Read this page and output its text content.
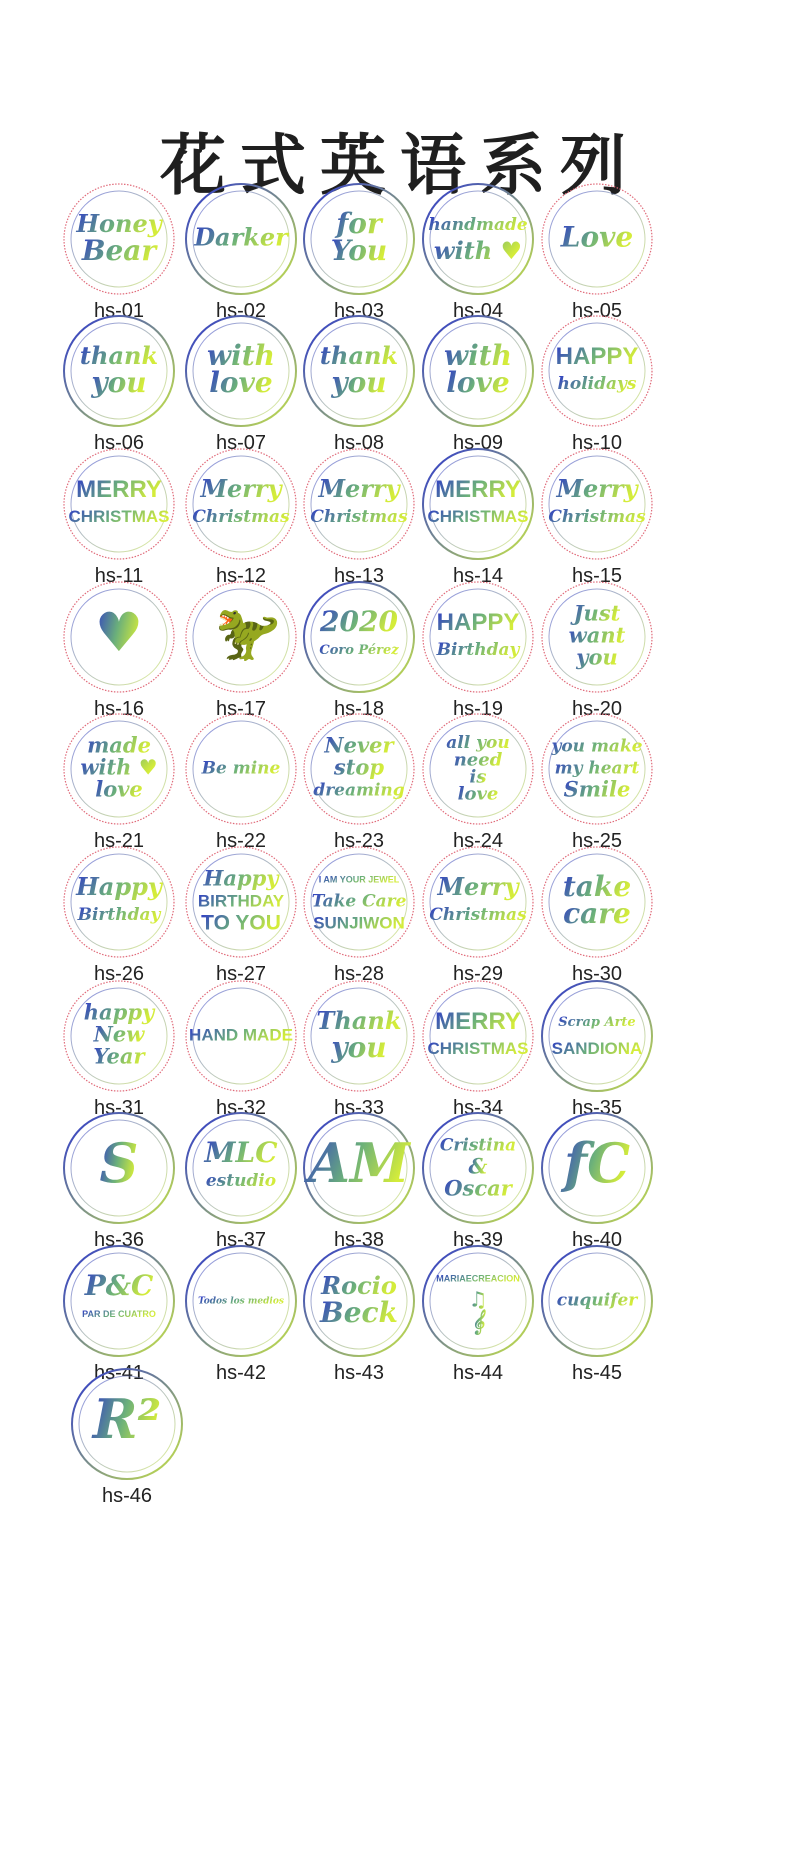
花式英语系列
Honey
Bear
hs-01
Darker
hs-02
for
You
hs-03
handmade
with ♥
hs-04
Love
hs-05
thank
you
hs-06
with
love
hs-07
thank
you
hs-08
with
love
hs-09
HAPPY
holidays
hs-10
MERRY
CHRISTMAS
hs-11
Merry
Christmas
hs-12
Merry
Christmas
hs-13
MERRY
CHRISTMAS
hs-14
Merry
Christmas
hs-15
♥
hs-16
🦖
hs-17
2020
Coro Pérez
hs-18
HAPPY
Birthday
hs-19
Just
want
you
hs-20
made
with ♥
love
hs-21
Be mine
hs-22
Never
stop
dreaming
hs-23
all you
need
is
love
hs-24
you make
my heart
Smile
hs-25
Happy
Birthday
hs-26
Happy
BIRTHDAY
TO YOU
hs-27
I AM YOUR JEWEL
Take Care
SUNJIWON
hs-28
Merry
Christmas
hs-29
take
care
hs-30
happy
New
Year
hs-31
HAND MADE
hs-32
Thank
you
hs-33
MERRY
CHRISTMAS
hs-34
Scrap Arte
SANDIONA
hs-35
S
hs-36
MLC
estudio
hs-37
AM
hs-38
Cristina
&
Oscar
hs-39
fC
hs-40
P&C
PAR DE CUATRO
hs-41
Todos los medios
hs-42
Rocio
Beck
hs-43
MARIAECREACION
♫
𝄞
hs-44
cuquifer
hs-45
R²
hs-46
